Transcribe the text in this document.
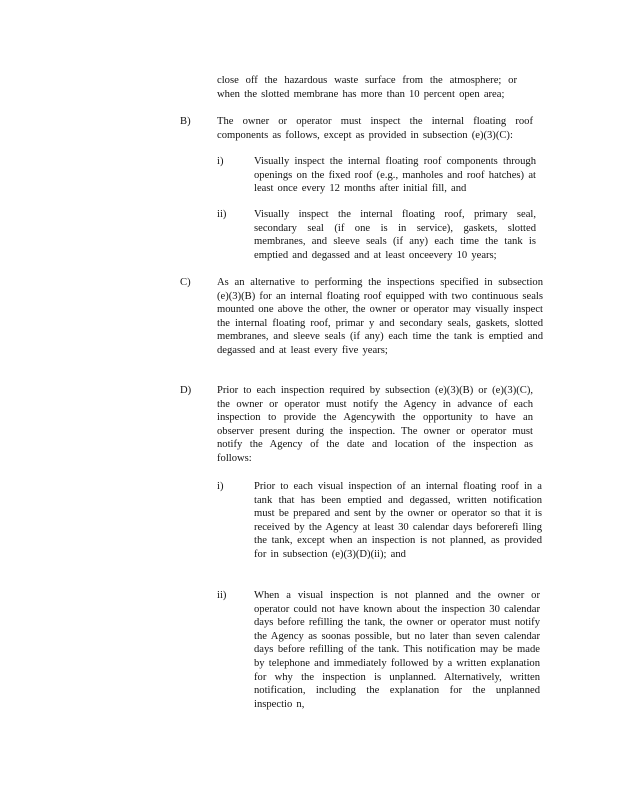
close off the hazardous waste surface from the atmosphere; or when the slotted membrane has more than 10 percent open area;

B) The owner or operator must inspect the internal floating roof components as follows, except as provided in subsection (e)(3)(C):

i)	Visually inspect the internal floating roof components through openings on the fixed roof (e.g., manholes and roof hatches) at least once every 12 months after initial fill, and

ii)	Visually inspect the internal floating roof, primary seal, secondary seal (if one is in service), gaskets, slotted membranes, and sleeve seals (if any) each time the tank is emptied and degassed and at least onceevery 10 years;

C) As an alternative to performing the inspections specified in subsection (e)(3)(B) for an internal floating roof equipped with two continuous seals mounted one above the other, the owner or operator may visually inspect the internal floating roof, primar y and secondary seals, gaskets, slotted membranes, and sleeve seals (if any) each time the tank is emptied and degassed and at least every five years;

D) Prior to each inspection required by subsection (e)(3)(B) or (e)(3)(C), the owner or operator must notify the Agency in advance of each inspection to provide the Agencywith the opportunity to have an observer present during the inspection. The owner or operator must notify the Agency of the date and location of the inspection as follows:

i)	Prior to each visual inspection of an internal floating roof in a tank that has been emptied and degassed, written notification must be prepared and sent by the owner or operator so that it is received by the Agency at least 30 calendar days beforerefi lling the tank, except when an inspection is not planned, as provided for in subsection (e)(3)(D)(ii); and

ii)	When a visual inspection is not planned and the owner or operator could not have known about the inspection 30 calendar days before refilling the tank, the owner or operator must notify the Agency as soonas possible, but no later than seven calendar days before refilling of the tank. This notification may be made by telephone and immediately followed by a written explanation for why the inspection is unplanned. Alternatively, written notification, including the explanation for the unplanned inspectio n,
